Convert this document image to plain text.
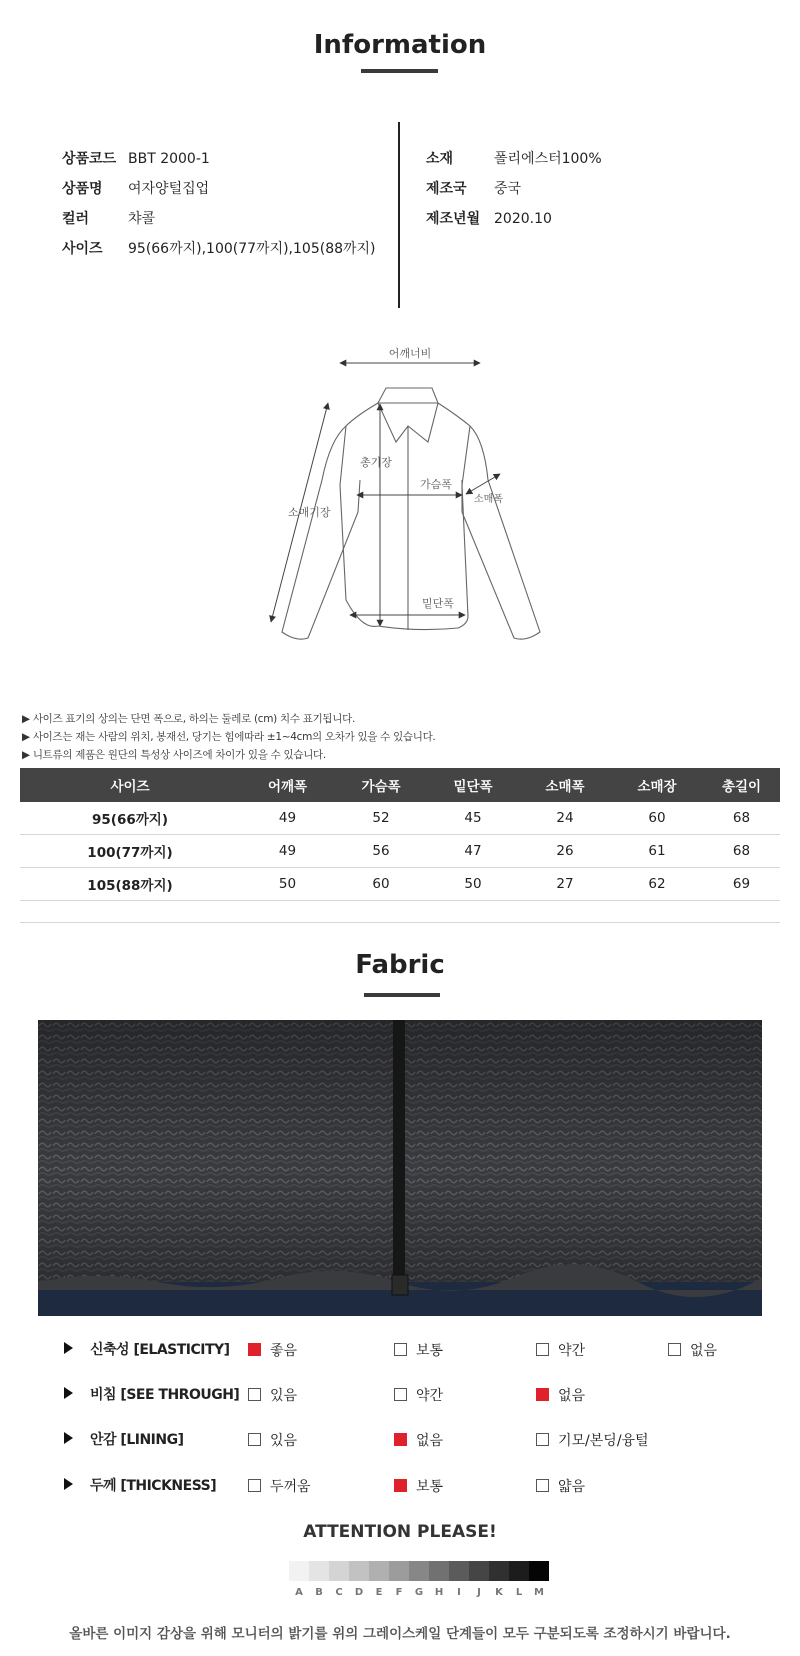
Information
상품코드 BBT 2000-1
상품명 여자양털집업
컬러	챠콜
사이즈 95(66까지),100(77까지),105(88까지)
소재	폴리에스터100%
제조국 중국
제조년월 2020.10
어깨너비
총기장
가슴폭
소매폭
소매기장
밑단폭
▶ 사이즈 표기의 상의는 단면 폭으로, 하의는 둘레로 (cm) 치수 표기됩니다.
▶ 사이즈는 재는 사람의 위치, 봉재선, 당기는 힘에따라 ±1~4cm의 오차가 있을 수 있습니다.
▶ 니트류의 제품은 원단의 특성상 사이즈에 차이가 있을 수 있습니다.
사이즈	어깨폭	가슴폭	밑단폭	소매폭	소매장	총길이
95(66까지)	49	52	45	24	60	68
100(77까지)	49	56	47	26	61	68
105(88까지)	50	60	50	27	62	69
Fabric
신축성 [ELASTICITY]	좋음	보통	약간	없음
비침 [SEE THROUGH]	있음	약간	없음
안감 [LINING]	있음	없음	기모/본딩/융털
두께 [THICKNESS]	두꺼움	보통	얇음
ATTENTION PLEASE!
A	B	C	D	E	F	G	H	I	J	K	L	M
올바른 이미지 감상을 위해 모니터의 밝기를 위의 그레이스케일 단계들이 모두 구분되도록 조정하시기 바랍니다.
